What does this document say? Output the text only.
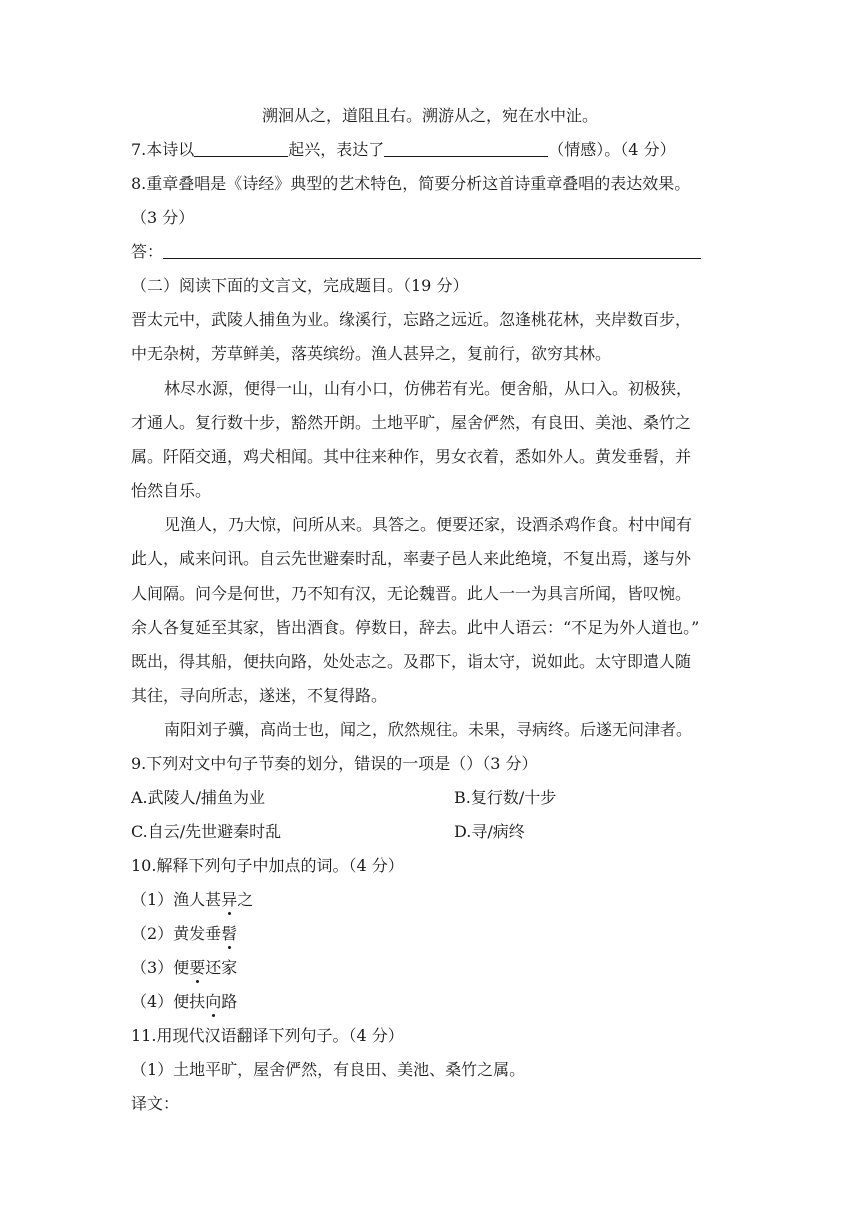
溯洄从之，道阻且右。溯游从之，宛在水中沚。
7.本诗以	起兴，表达了	（情感）。（4 分）
8.重章叠唱是《诗经》典型的艺术特色，简要分析这首诗重章叠唱的表达效果。
（3 分）
答：
（二）阅读下面的文言文，完成题目。（19 分）
晋太元中，武陵人捕鱼为业。缘溪行，忘路之远近。忽逢桃花林，夹岸数百步，
中无杂树，芳草鲜美，落英缤纷。渔人甚异之，复前行，欲穷其林。
林尽水源，便得一山，山有小口，仿佛若有光。便舍船，从口入。初极狭，
才通人。复行数十步，豁然开朗。土地平旷，屋舍俨然，有良田、美池、桑竹之
属。阡陌交通，鸡犬相闻。其中往来种作，男女衣着，悉如外人。黄发垂髫，并
怡然自乐。
见渔人，乃大惊，问所从来。具答之。便要还家，设酒杀鸡作食。村中闻有
此人，咸来问讯。自云先世避秦时乱，率妻子邑人来此绝境，不复出焉，遂与外
人间隔。问今是何世，乃不知有汉，无论魏晋。此人一一为具言所闻，皆叹惋。
余人各复延至其家，皆出酒食。停数日，辞去。此中人语云：“不足为外人道也。”
既出，得其船，便扶向路，处处志之。及郡下，诣太守，说如此。太守即遣人随
其往，寻向所志，遂迷，不复得路。
南阳刘子骥，高尚士也，闻之，欣然规往。未果，寻病终。后遂无问津者。
9.下列对文中句子节奏的划分，错误的一项是（）（3 分）
A.武陵人/捕鱼为业	B.复行数/十步
C.自云/先世避秦时乱	D.寻/病终
10.解释下列句子中加点的词。（4 分）
（1）渔人甚异之
（2）黄发垂髫
（3）便要还家
（4）便扶向路
11.用现代汉语翻译下列句子。（4 分）
（1）土地平旷，屋舍俨然，有良田、美池、桑竹之属。
译文：
